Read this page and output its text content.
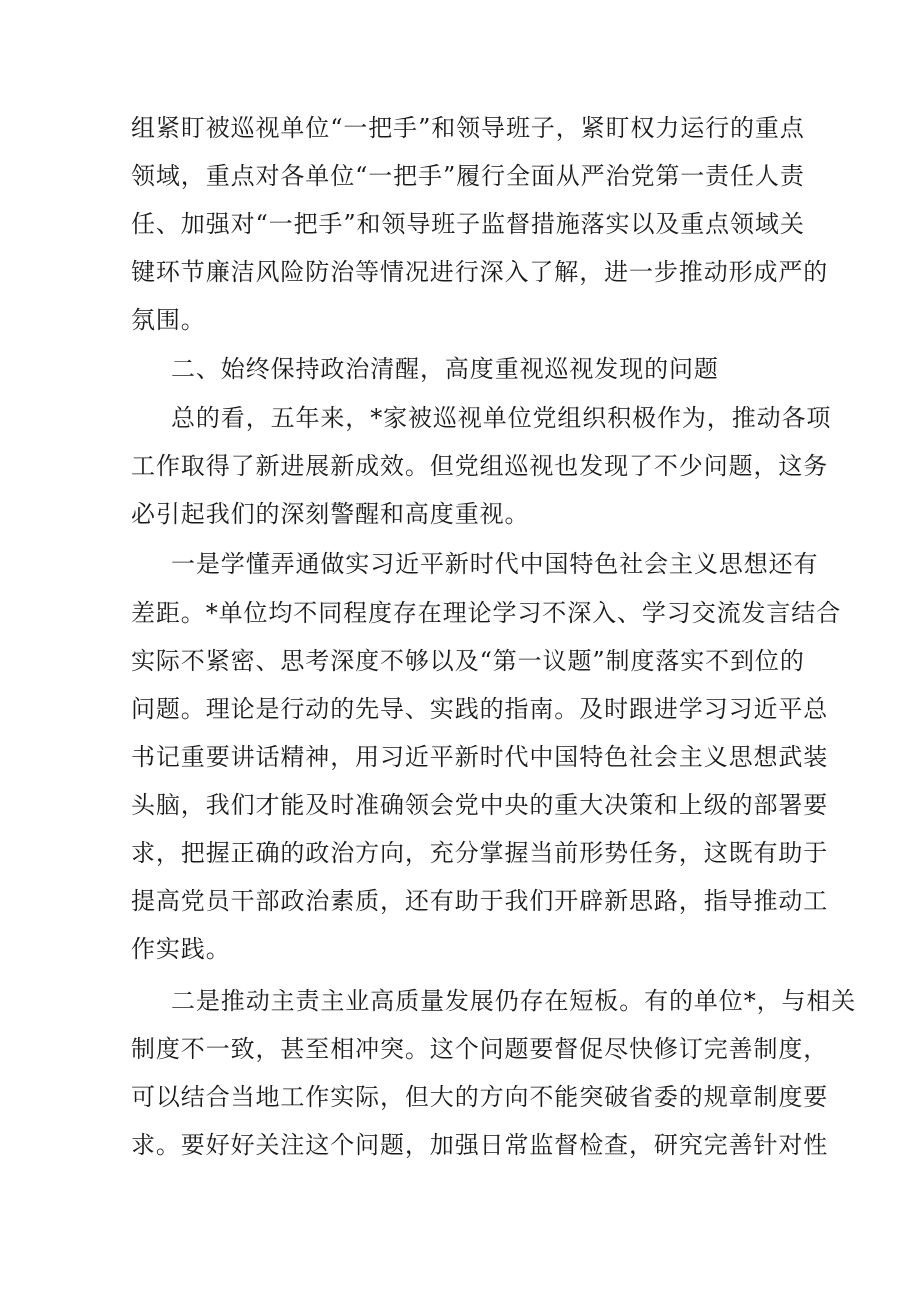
组紧盯被巡视单位“一把手”和领导班子，紧盯权力运行的重点
领域，重点对各单位“一把手”履行全面从严治党第一责任人责
任、加强对“一把手”和领导班子监督措施落实以及重点领域关
键环节廉洁风险防治等情况进行深入了解，进一步推动形成严的
氛围。
二、始终保持政治清醒，高度重视巡视发现的问题
总的看，五年来，*家被巡视单位党组织积极作为，推动各项
工作取得了新进展新成效。但党组巡视也发现了不少问题，这务
必引起我们的深刻警醒和高度重视。
一是学懂弄通做实习近平新时代中国特色社会主义思想还有
差距。*单位均不同程度存在理论学习不深入、学习交流发言结合
实际不紧密、思考深度不够以及“第一议题”制度落实不到位的
问题。理论是行动的先导、实践的指南。及时跟进学习习近平总
书记重要讲话精神，用习近平新时代中国特色社会主义思想武装
头脑，我们才能及时准确领会党中央的重大决策和上级的部署要
求，把握正确的政治方向，充分掌握当前形势任务，这既有助于
提高党员干部政治素质，还有助于我们开辟新思路，指导推动工
作实践。
二是推动主责主业高质量发展仍存在短板。有的单位*，与相关
制度不一致，甚至相冲突。这个问题要督促尽快修订完善制度，
可以结合当地工作实际，但大的方向不能突破省委的规章制度要
求。要好好关注这个问题，加强日常监督检查，研究完善针对性
